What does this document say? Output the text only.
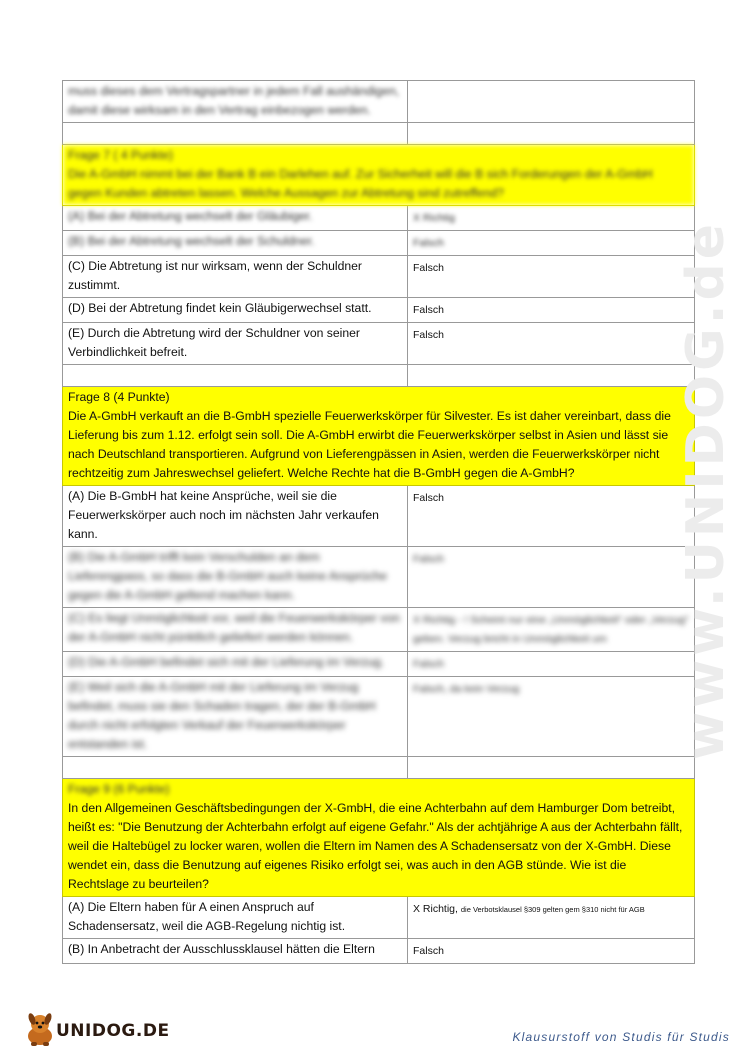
muss dieses dem Vertragspartner in jedem Fall aushändigen, damit diese wirksam in den Vertrag einbezogen werden.	

Frage 7 ( 4 Punkte)
Die A-GmbH nimmt bei der Bank B ein Darlehen auf. Zur Sicherheit will die B sich Forderungen der A-GmbH gegen Kunden abtreten lassen. Welche Aussagen zur Abtretung sind zutreffend?	

(A) Bei der Abtretung wechselt der Gläubiger.	X Richtig
(B) Bei der Abtretung wechselt der Schuldner.	Falsch
(C) Die Abtretung ist nur wirksam, wenn der Schuldner zustimmt.	Falsch
(D) Bei der Abtretung findet kein Gläubigerwechsel statt.	Falsch
(E) Durch die Abtretung wird der Schuldner von seiner Verbindlichkeit befreit.	Falsch

Frage 8 (4 Punkte)
Die A-GmbH verkauft an die B-GmbH spezielle Feuerwerkskörper für Silvester. Es ist daher vereinbart, dass die Lieferung bis zum 1.12. erfolgt sein soll. Die A-GmbH erwirbt die Feuerwerkskörper selbst in Asien und lässt sie nach Deutschland transportieren. Aufgrund von Lieferengpässen in Asien, werden die Feuerwerkskörper nicht rechtzeitig zum Jahreswechsel geliefert. Welche Rechte hat die B-GmbH gegen die A-GmbH?	

(A) Die B-GmbH hat keine Ansprüche, weil sie die Feuerwerkskörper auch noch im nächsten Jahr verkaufen kann.	Falsch
(B) Die A-GmbH trifft kein Verschulden an dem Lieferengpass, so dass die B-GmbH auch keine Ansprüche gegen die A-GmbH geltend machen kann.	Falsch
(C) Es liegt Unmöglichkeit vor, weil die Feuerwerkskörper von der A-GmbH nicht pünktlich geliefert werden können.	X Richtig - ! Scheint nur eine „Unmöglichkeit“ oder „Verzug“ geben. Verzug bricht in Unmöglichkeit um
(D) Die A-GmbH befindet sich mit der Lieferung im Verzug.	Falsch
(E) Weil sich die A-GmbH mit der Lieferung im Verzug befindet, muss sie den Schaden tragen, der der B-GmbH durch nicht erfolgten Verkauf der Feuerwerkskörper entstanden ist.	Falsch, da kein Verzug

Frage 9 (6 Punkte)
In den Allgemeinen Geschäftsbedingungen der X-GmbH, die eine Achterbahn auf dem Hamburger Dom betreibt, heißt es: "Die Benutzung der Achterbahn erfolgt auf eigene Gefahr." Als der achtjährige A aus der Achterbahn fällt, weil die Haltebügel zu locker waren, wollen die Eltern im Namen des A Schadensersatz von der X-GmbH. Diese wendet ein, dass die Benutzung auf eigenes Risiko erfolgt sei, was auch in den AGB stünde. Wie ist die Rechtslage zu beurteilen?	

(A) Die Eltern haben für A einen Anspruch auf Schadensersatz, weil die AGB-Regelung nichtig ist.	X Richtig, die Verbotsklausel §309 gelten gem §310 nicht für AGB
(B) In Anbetracht der Ausschlussklausel hätten die Eltern	Falsch
www.UNIDOG.de
UNIDOG.DE	Klausurstoff von Studis für Studis
